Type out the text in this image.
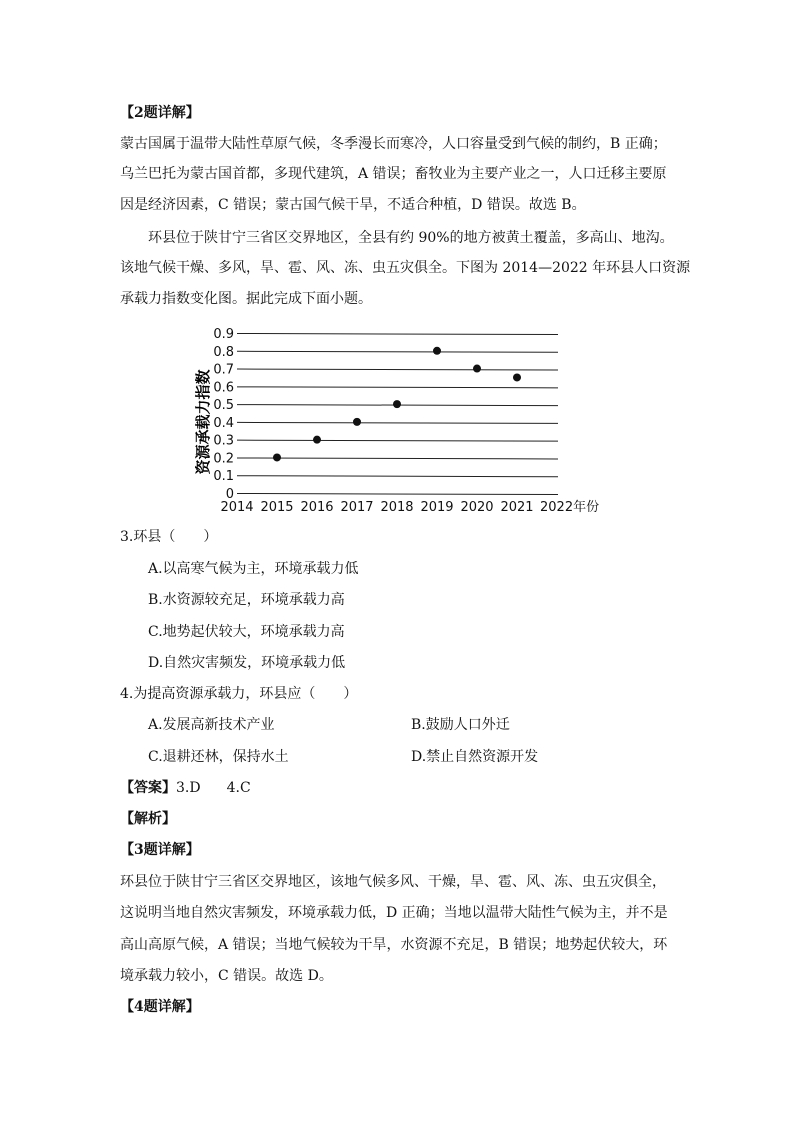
【2题详解】
蒙古国属于温带大陆性草原气候，冬季漫长而寒冷，人口容量受到气候的制约，B 正确；
乌兰巴托为蒙古国首都，多现代建筑，A 错误；畜牧业为主要产业之一，人口迁移主要原
因是经济因素，C 错误；蒙古国气候干旱，不适合种植，D 错误。故选 B。
环县位于陕甘宁三省区交界地区，全县有约 90%的地方被黄土覆盖，多高山、地沟。
该地气候干燥、多风，旱、雹、风、冻、虫五灾俱全。下图为 2014—2022 年环县人口资源
承载力指数变化图。据此完成下面小题。
0
0.1
0.2
0.3
0.4
0.5
0.6
0.7
0.8
0.9
2014 2015 2016 2017 2018 2019 2020 2021 2022年份
资源承载力指数
3.环县（　　）
A.以高寒气候为主，环境承载力低
B.水资源较充足，环境承载力高
C.地势起伏较大，环境承载力高
D.自然灾害频发，环境承载力低
4.为提高资源承载力，环县应（　　）
A.发展高新技术产业	B.鼓励人口外迁
C.退耕还林，保持水土	D.禁止自然资源开发
【答案】3.D 4.C
【解析】
【3题详解】
环县位于陕甘宁三省区交界地区，该地气候多风、干燥，旱、雹、风、冻、虫五灾俱全，
这说明当地自然灾害频发，环境承载力低，D 正确；当地以温带大陆性气候为主，并不是
高山高原气候，A 错误；当地气候较为干旱，水资源不充足，B 错误；地势起伏较大，环
境承载力较小，C 错误。故选 D。
【4题详解】
